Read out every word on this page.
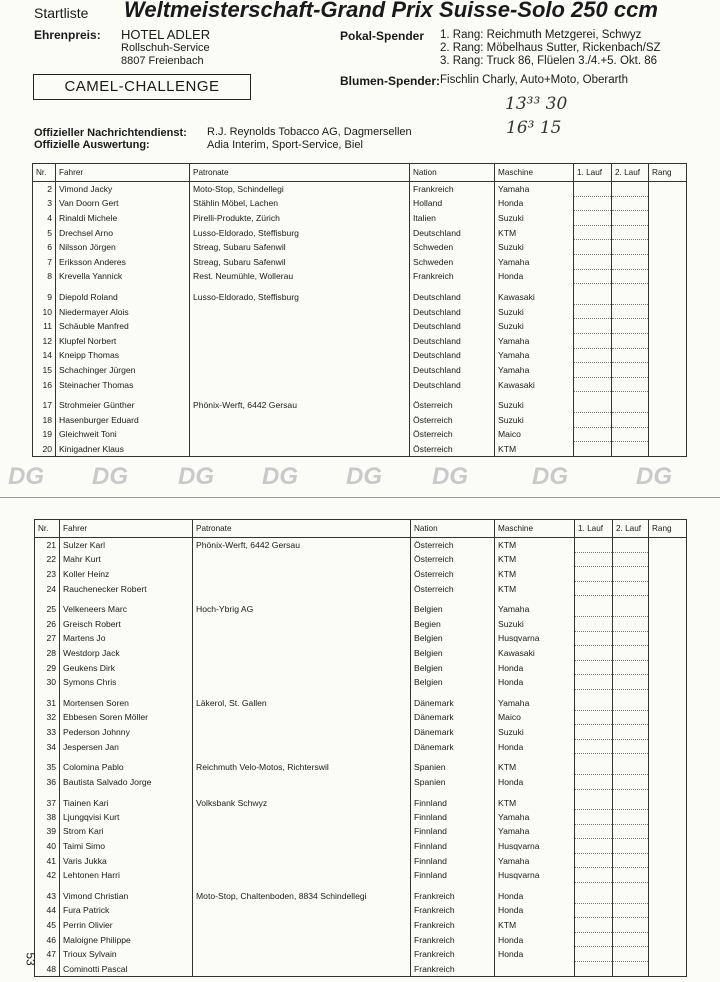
Startliste Weltmeisterschaft-Grand Prix Suisse-Solo 250 ccm
Ehrenpreis: HOTEL ADLER
Rollschuh-Service
8807 Freienbach
Pokal-Spender 1. Rang: Reichmuth Metzgerei, Schwyz
2. Rang: Möbelhaus Sutter, Rickenbach/SZ
3. Rang: Truck 86, Flüelen 3./4.+5. Okt. 86
CAMEL-CHALLENGE	Blumen-Spender: Fischlin Charly, Auto+Moto, Oberarth
13³³ 30
16³ 15
Offizieller Nachrichtendienst: R.J. Reynolds Tobacco AG, Dagmersellen
Offizielle Auswertung:	Adia Interim, Sport-Service, Biel
Nr.	Fahrer	Patronate	Nation	Maschine	1. Lauf	2. Lauf	Rang
2	Vimond Jacky	Moto-Stop, Schindellegi	Frankreich	Yamaha			
3	Van Doorn Gert	Stählin Möbel, Lachen	Holland	Honda			
4	Rinaldi Michele	Pirelli-Produkte, Zürich	Italien	Suzuki			
5	Drechsel Arno	Lusso-Eldorado, Steffisburg	Deutschland	KTM			
6	Nilsson Jörgen	Streag, Subaru Safenwil	Schweden	Suzuki			
7	Eriksson Anderes	Streag, Subaru Safenwil	Schweden	Yamaha			
8	Krevella Yannick	Rest. Neumühle, Wollerau	Frankreich	Honda			

9	Diepold Roland	Lusso-Eldorado, Steffisburg	Deutschland	Kawasaki			
10	Niedermayer Alois		Deutschland	Suzuki			
11	Schäuble Manfred		Deutschland	Suzuki			
12	Klupfel Norbert		Deutschland	Yamaha			
14	Kneipp Thomas		Deutschland	Yamaha			
15	Schachinger Jürgen		Deutschland	Yamaha			
16	Steinacher Thomas		Deutschland	Kawasaki			

17	Strohmeier Günther	Phönix-Werft, 6442 Gersau	Österreich	Suzuki			
18	Hasenburger Eduard		Österreich	Suzuki			
19	Gleichweit Toni		Österreich	Maico			
20	Kinigadner Klaus		Österreich	KTM			
DG DG DG DG DG DG	DG	DG
Nr.	Fahrer	Patronate	Nation	Maschine	1. Lauf	2. Lauf	Rang
21	Sulzer Karl	Phönix-Werft, 6442 Gersau	Österreich	KTM			
22	Mahr Kurt		Österreich	KTM			
23	Koller Heinz		Österreich	KTM			
24	Rauchenecker Robert		Österreich	KTM			

25	Velkeneers Marc	Hoch-Ybrig AG	Belgien	Yamaha			
26	Greisch Robert		Begien	Suzuki			
27	Martens Jo		Belgien	Husqvarna			
28	Westdorp Jack		Belgien	Kawasaki			
29	Geukens Dirk		Belgien	Honda			
30	Symons Chris		Belgien	Honda			

31	Mortensen Soren	Läkerol, St. Gallen	Dänemark	Yamaha			
32	Ebbesen Soren Möller		Dänemark	Maico			
33	Pederson Johnny		Dänemark	Suzuki			
34	Jespersen Jan		Dänemark	Honda			

35	Colomina Pablo	Reichmuth Velo-Motos, Richterswil	Spanien	KTM			
36	Bautista Salvado Jorge		Spanien	Honda			

37	Tiainen Kari	Volksbank Schwyz	Finnland	KTM			
38	Ljungqvisi Kurt		Finnland	Yamaha			
39	Strom Kari		Finnland	Yamaha			
40	Taimi Simo		Finnland	Husqvarna			
41	Varis Jukka		Finnland	Yamaha			
42	Lehtonen Harri		Finnland	Husqvarna			

43	Vimond Christian	Moto-Stop, Chaltenboden, 8834 Schindellegi	Frankreich	Honda			
44	Fura Patrick		Frankreich	Honda			
45	Perrin Olivier		Frankreich	KTM			
46	Maloigne Philippe		Frankreich	Honda			
47	Trioux Sylvain		Frankreich	Honda			
48	Cominotti Pascal		Frankreich				
53
